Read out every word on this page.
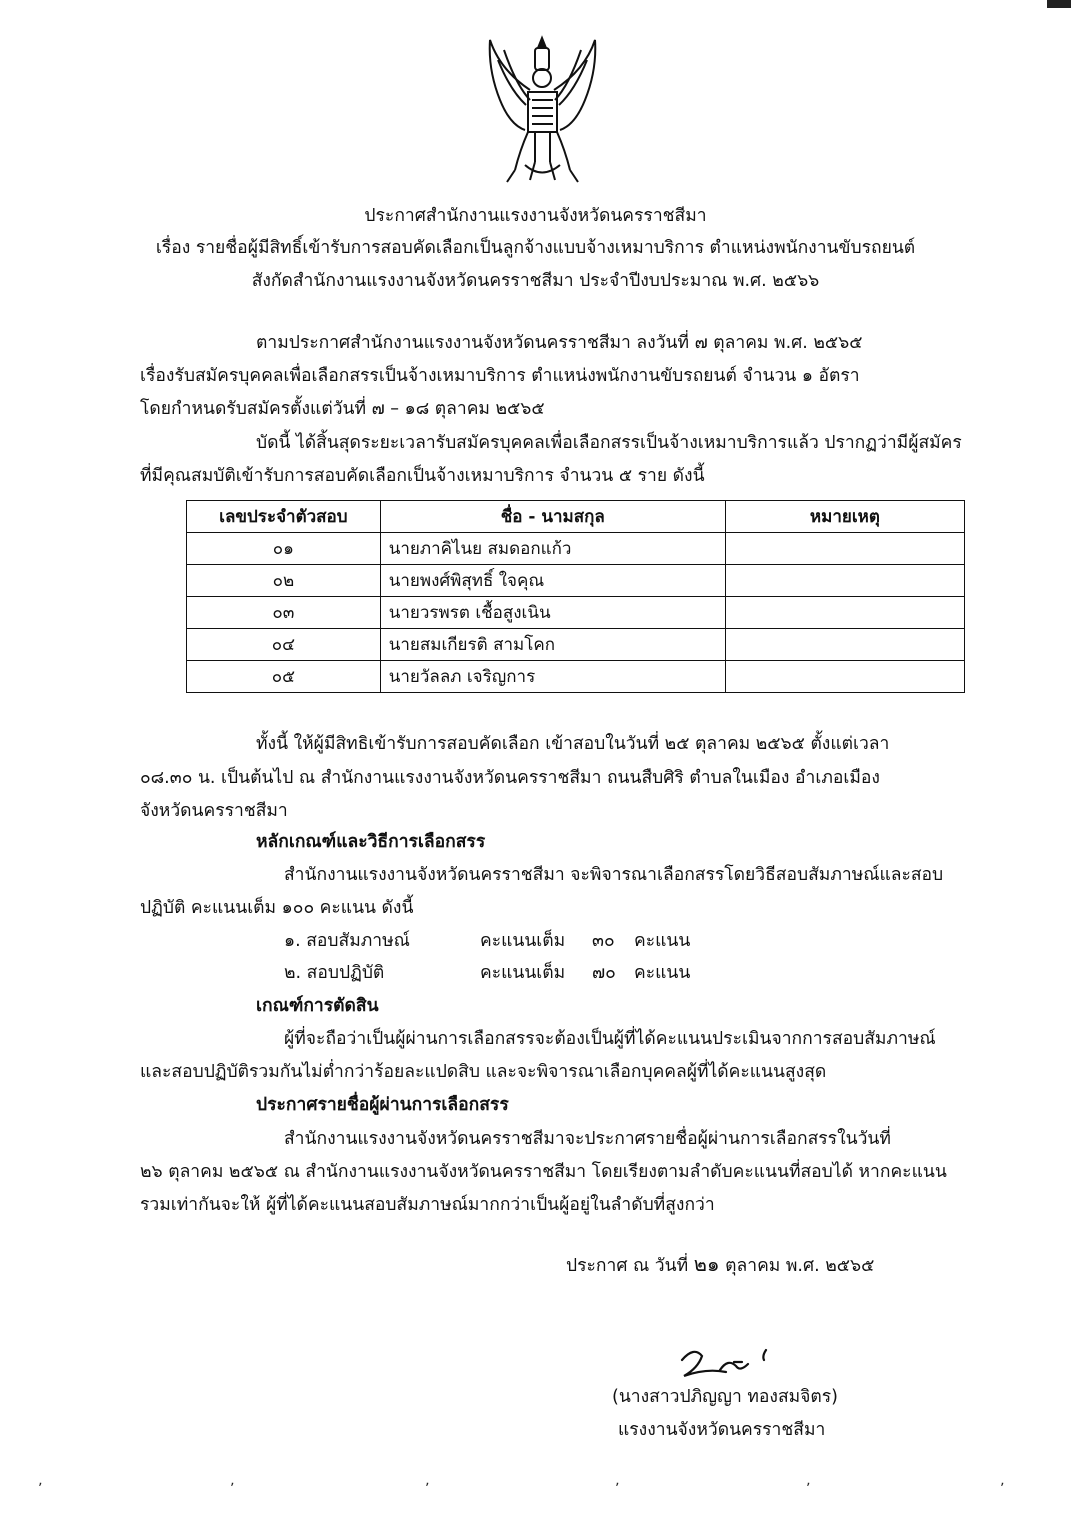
ประกาศสำนักงานแรงงานจังหวัดนครราชสีมา
เรื่อง รายชื่อผู้มีสิทธิ์เข้ารับการสอบคัดเลือกเป็นลูกจ้างแบบจ้างเหมาบริการ ตำแหน่งพนักงานขับรถยนต์
สังกัดสำนักงานแรงงานจังหวัดนครราชสีมา ประจำปีงบประมาณ พ.ศ. ๒๕๖๖
ตามประกาศสำนักงานแรงงานจังหวัดนครราชสีมา ลงวันที่ ๗ ตุลาคม พ.ศ. ๒๕๖๕
เรื่องรับสมัครบุคคลเพื่อเลือกสรรเป็นจ้างเหมาบริการ ตำแหน่งพนักงานขับรถยนต์ จำนวน ๑ อัตรา
โดยกำหนดรับสมัครตั้งแต่วันที่ ๗ – ๑๘ ตุลาคม ๒๕๖๕
บัดนี้ ได้สิ้นสุดระยะเวลารับสมัครบุคคลเพื่อเลือกสรรเป็นจ้างเหมาบริการแล้ว ปรากฏว่ามีผู้สมัคร
ที่มีคุณสมบัติเข้ารับการสอบคัดเลือกเป็นจ้างเหมาบริการ จำนวน ๕ ราย ดังนี้
เลขประจำตัวสอบ	ชื่อ - นามสกุล	หมายเหตุ
๐๑	นายภาคิไนย สมดอกแก้ว	
๐๒	นายพงศ์พิสุทธิ์ ใจคุณ	
๐๓	นายวรพรต เชื้อสูงเนิน	
๐๔	นายสมเกียรติ สามโคก	
๐๕	นายวัลลภ เจริญการ	
ทั้งนี้ ให้ผู้มีสิทธิเข้ารับการสอบคัดเลือก เข้าสอบในวันที่ ๒๕ ตุลาคม ๒๕๖๕ ตั้งแต่เวลา
๐๘.๓๐ น. เป็นต้นไป ณ สำนักงานแรงงานจังหวัดนครราชสีมา ถนนสืบศิริ ตำบลในเมือง อำเภอเมือง
จังหวัดนครราชสีมา
หลักเกณฑ์และวิธีการเลือกสรร
สำนักงานแรงงานจังหวัดนครราชสีมา จะพิจารณาเลือกสรรโดยวิธีสอบสัมภาษณ์และสอบ
ปฏิบัติ คะแนนเต็ม ๑๐๐ คะแนน ดังนี้
๑. สอบสัมภาษณ์	คะแนนเต็ม ๓๐ คะแนน
๒. สอบปฏิบัติ	คะแนนเต็ม ๗๐ คะแนน
เกณฑ์การตัดสิน
ผู้ที่จะถือว่าเป็นผู้ผ่านการเลือกสรรจะต้องเป็นผู้ที่ได้คะแนนประเมินจากการสอบสัมภาษณ์
และสอบปฏิบัติรวมกันไม่ต่ำกว่าร้อยละแปดสิบ และจะพิจารณาเลือกบุคคลผู้ที่ได้คะแนนสูงสุด
ประกาศรายชื่อผู้ผ่านการเลือกสรร
สำนักงานแรงงานจังหวัดนครราชสีมาจะประกาศรายชื่อผู้ผ่านการเลือกสรรในวันที่
๒๖ ตุลาคม ๒๕๖๕ ณ สำนักงานแรงงานจังหวัดนครราชสีมา โดยเรียงตามลำดับคะแนนที่สอบได้ หากคะแนน
รวมเท่ากันจะให้ ผู้ที่ได้คะแนนสอบสัมภาษณ์มากกว่าเป็นผู้อยู่ในลำดับที่สูงกว่า
ประกาศ ณ วันที่ ๒๑ ตุลาคม พ.ศ. ๒๕๖๕
(นางสาวปภิญญา ทองสมจิตร)
แรงงานจังหวัดนครราชสีมา
ʼ	ʼ	ʼ	ʼ	ʼ	ʼ
